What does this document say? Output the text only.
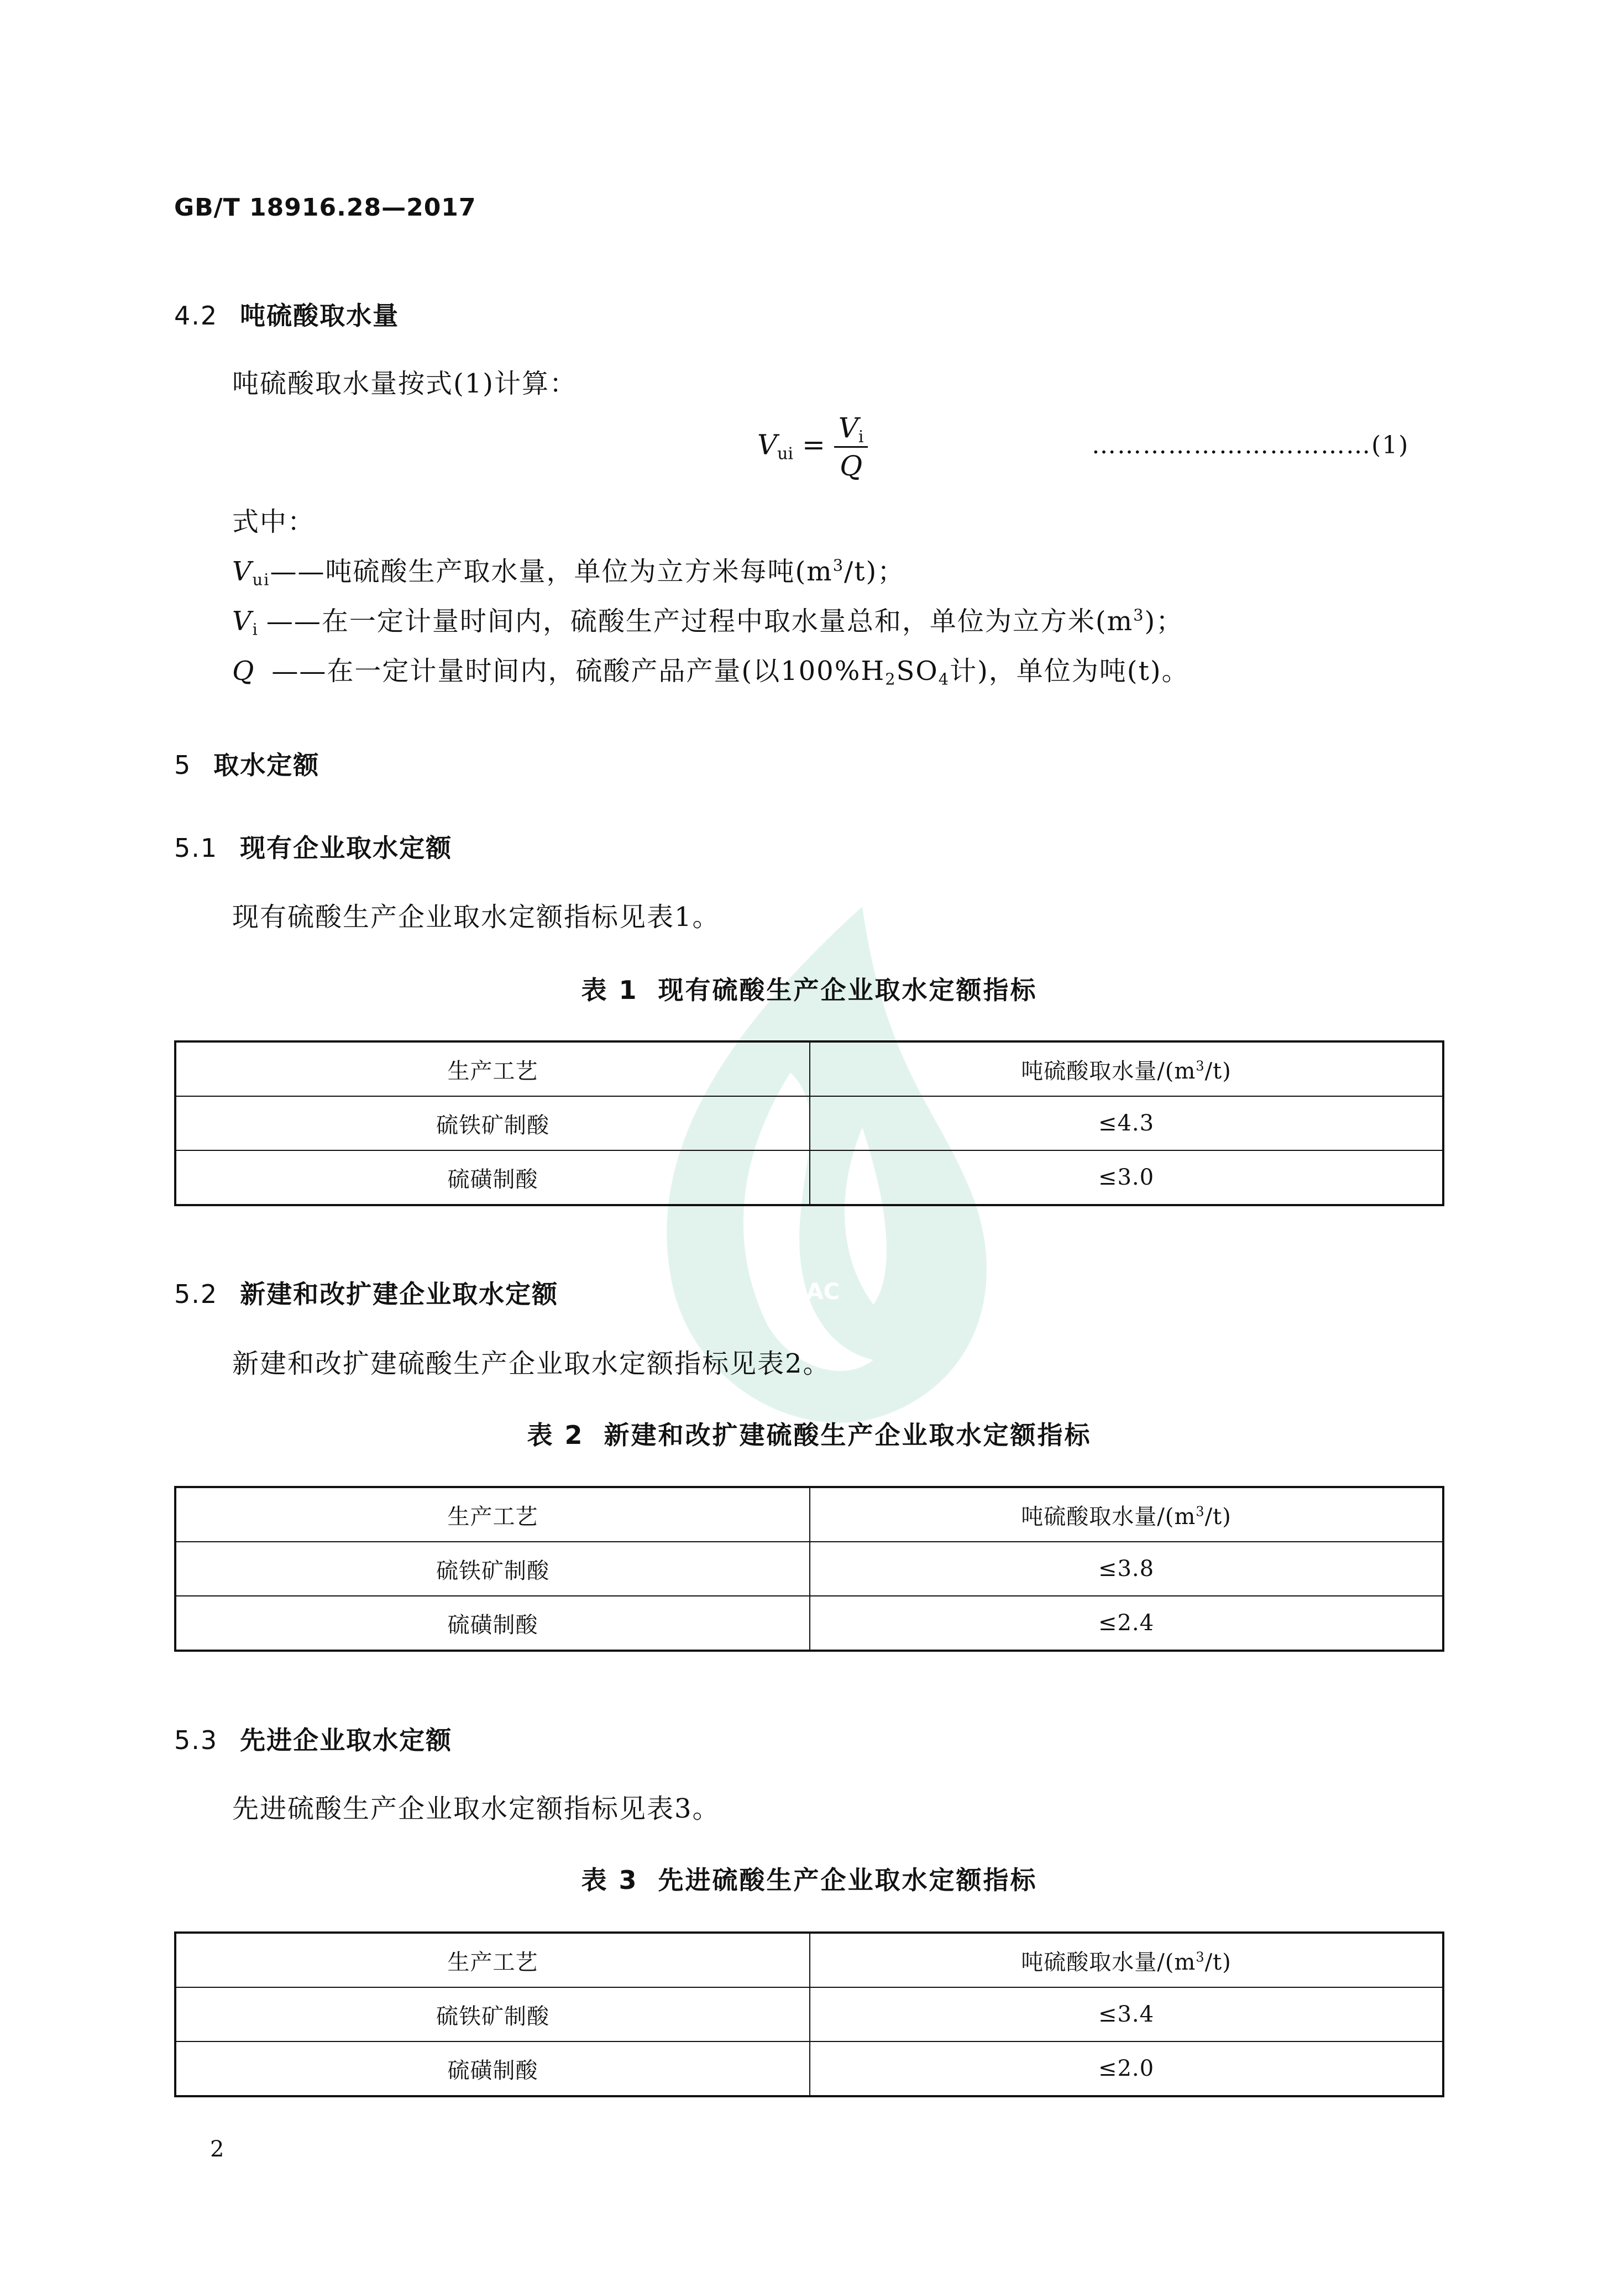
SAC
GB/T 18916.28—2017
4.2 吨硫酸取水量
吨硫酸取水量按式(1)计算：
$V_{ui} = \frac{V_i}{Q}$	……………………………(1)
式中：
$V_{ui}——$吨硫酸生产取水量，单位为立方米每吨$(m^3/t)$；
$V_i$ ——在一定计量时间内，硫酸生产过程中取水量总和，单位为立方米$(m^3)$；
Q ——在一定计量时间内，硫酸产品产量(以$100\%H_2SO_4$计)，单位为吨(t)。
5 取水定额
5.1 现有企业取水定额
现有硫酸生产企业取水定额指标见表1。
表 1 现有硫酸生产企业取水定额指标
生产工艺	吨硫酸取水量$/(m^3/t)$
硫铁矿制酸	≤4.3
硫磺制酸	≤3.0
5.2 新建和改扩建企业取水定额
新建和改扩建硫酸生产企业取水定额指标见表2。
表 2 新建和改扩建硫酸生产企业取水定额指标
生产工艺	吨硫酸取水量$/(m^3/t)$
硫铁矿制酸	≤3.8
硫磺制酸	≤2.4
5.3 先进企业取水定额
先进硫酸生产企业取水定额指标见表3。
表 3 先进硫酸生产企业取水定额指标
生产工艺	吨硫酸取水量$/(m^3/t)$
硫铁矿制酸	≤3.4
硫磺制酸	≤2.0
2
